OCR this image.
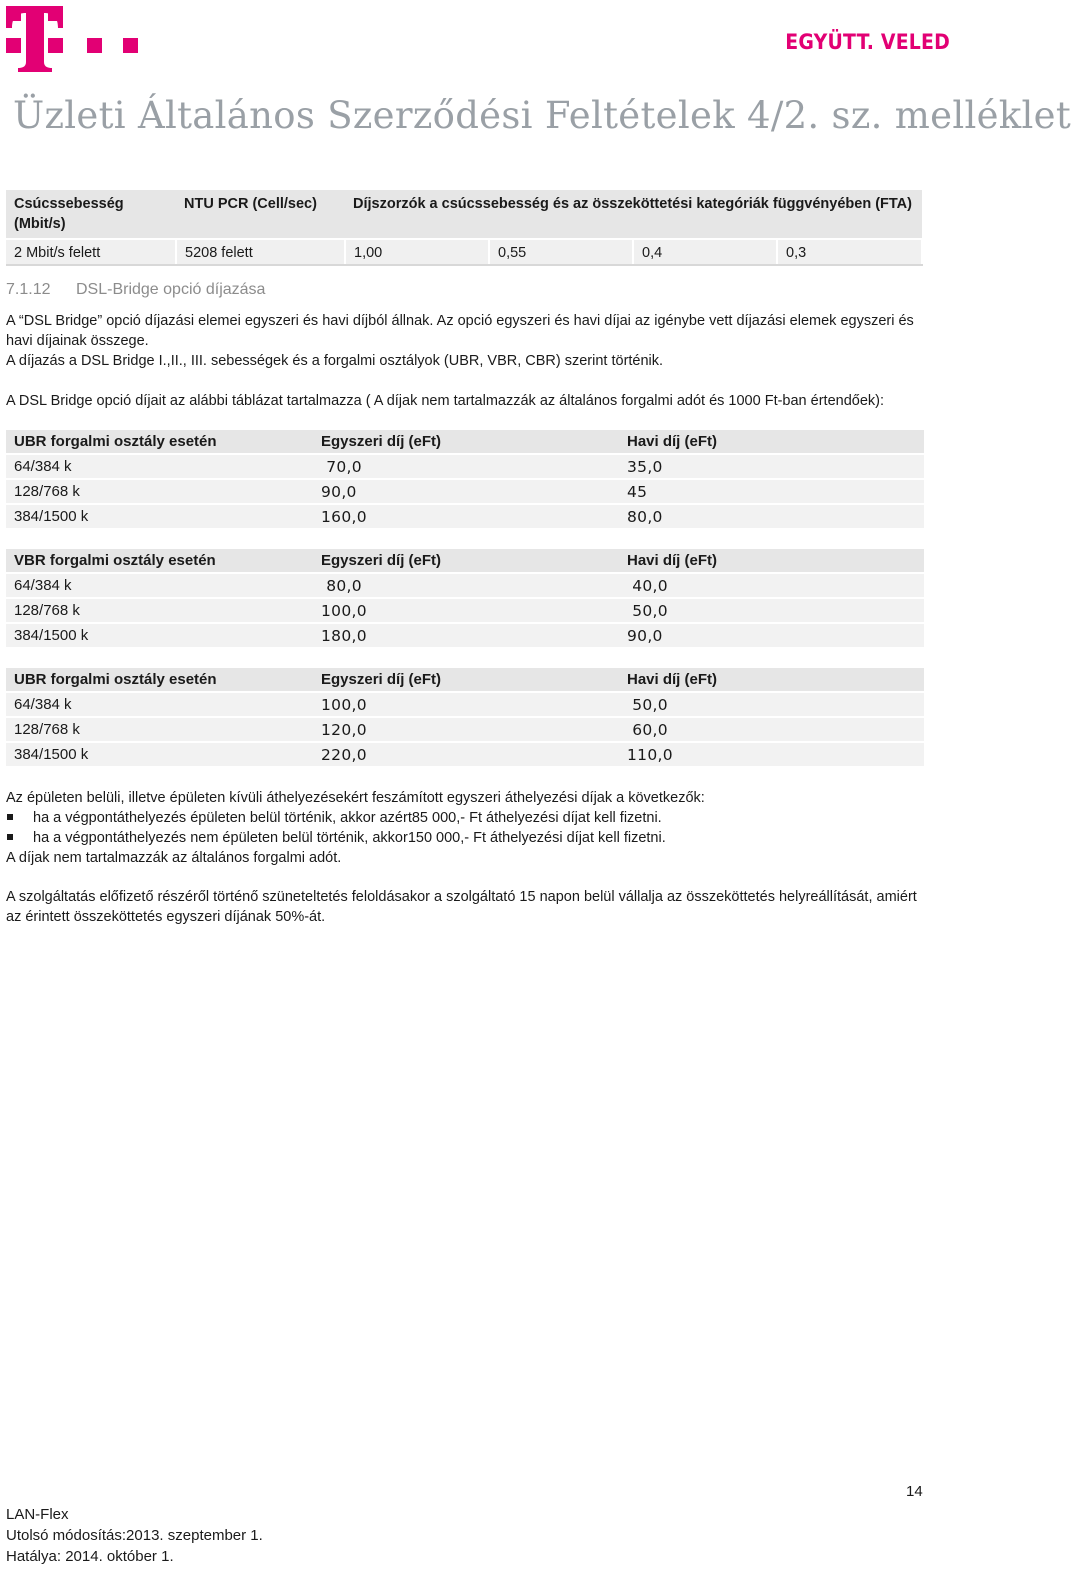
EGYÜTT. VELED
Üzleti Általános Szerződési Feltételek 4/2. sz. melléklet
Csúcssebesség (Mbit/s)	NTU PCR (Cell/sec)	Díjszorzók a csúcssebesség és az összeköttetési kategóriák függvényében (FTA)			
2 Mbit/s felett	5208 felett	1,00	0,55	0,4	0,3
7.1.12 DSL-Bridge opció díjazása
A “DSL Bridge” opció díjazási elemei egyszeri és havi díjból állnak. Az opció egyszeri és havi díjai az igénybe vett díjazási elemek egyszeri és havi díjainak összege.
A díjazás a DSL Bridge I.,II., III. sebességek és a forgalmi osztályok (UBR, VBR, CBR) szerint történik.
A DSL Bridge opció díjait az alábbi táblázat tartalmazza ( A díjak nem tartalmazzák az általános forgalmi adót és 1000 Ft-ban értendőek):
UBR forgalmi osztály esetén	Egyszeri díj (eFt)	Havi díj (eFt)
64/384 k	70,0	35,0
128/768 k	90,0	45
384/1500 k	160,0	80,0
VBR forgalmi osztály esetén	Egyszeri díj (eFt)	Havi díj (eFt)
64/384 k	80,0	40,0
128/768 k	100,0	50,0
384/1500 k	180,0	90,0
UBR forgalmi osztály esetén	Egyszeri díj (eFt)	Havi díj (eFt)
64/384 k	100,0	50,0
128/768 k	120,0	60,0
384/1500 k	220,0	110,0
Az épületen belüli, illetve épületen kívüli áthelyezésekért feszámított egyszeri áthelyezési díjak a következők:
ha a végpontáthelyezés épületen belül történik, akkor azért85 000,- Ft áthelyezési díjat kell fizetni.
ha a végpontáthelyezés nem épületen belül történik, akkor150 000,- Ft áthelyezési díjat kell fizetni.
A díjak nem tartalmazzák az általános forgalmi adót.
A szolgáltatás előfizető részéről történő szüneteltetés feloldásakor a szolgáltató 15 napon belül vállalja az összeköttetés helyreállítását, amiért az érintett összeköttetés egyszeri díjának 50%-át.
14
LAN-Flex
Utolsó módosítás:2013. szeptember 1.
Hatálya: 2014. október 1.
